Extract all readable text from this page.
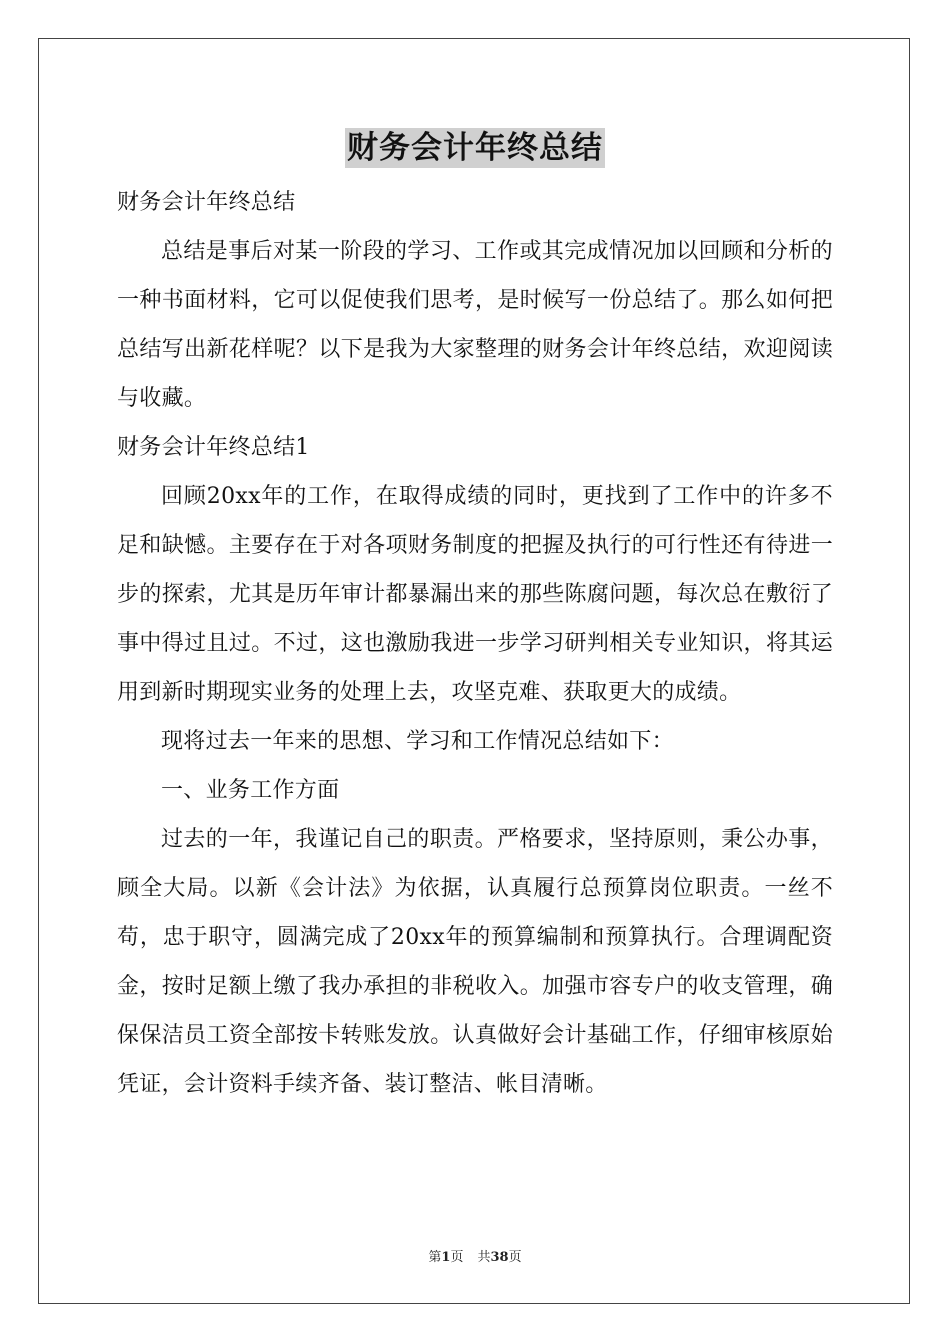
财务会计年终总结
财务会计年终总结

总结是事后对某一阶段的学习、工作或其完成情况加以回顾和分析的一种书面材料，它可以促使我们思考，是时候写一份总结了。那么如何把总结写出新花样呢？以下是我为大家整理的财务会计年终总结，欢迎阅读与收藏。

财务会计年终总结1

回顾20xx年的工作，在取得成绩的同时，更找到了工作中的许多不足和缺憾。主要存在于对各项财务制度的把握及执行的可行性还有待进一步的探索，尤其是历年审计都暴漏出来的那些陈腐问题，每次总在敷衍了事中得过且过。不过，这也激励我进一步学习研判相关专业知识，将其运用到新时期现实业务的处理上去，攻坚克难、获取更大的成绩。

现将过去一年来的思想、学习和工作情况总结如下：

一、业务工作方面

过去的一年，我谨记自己的职责。严格要求，坚持原则，秉公办事，顾全大局。以新《会计法》为依据，认真履行总预算岗位职责。一丝不苟，忠于职守，圆满完成了20xx年的预算编制和预算执行。合理调配资金，按时足额上缴了我办承担的非税收入。加强市容专户的收支管理，确保保洁员工资全部按卡转账发放。认真做好会计基础工作，仔细审核原始凭证，会计资料手续齐备、装订整洁、帐目清晰。

第1页 共38页
